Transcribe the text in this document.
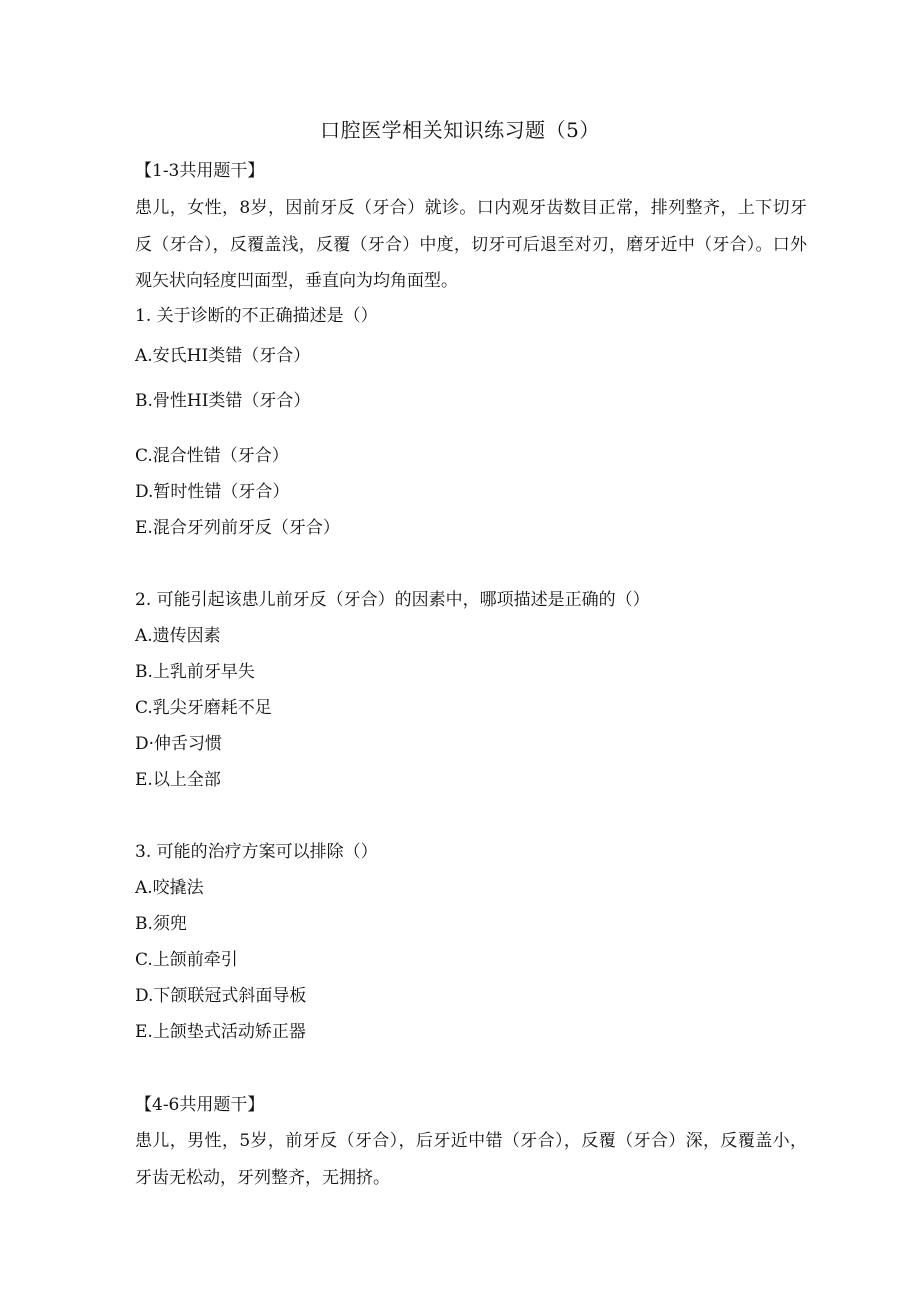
口腔医学相关知识练习题（5）
【1-3共用题干】
患儿，女性，8岁，因前牙反（牙合）就诊。口内观牙齿数目正常，排列整齐，上下切牙反（牙合），反覆盖浅，反覆（牙合）中度，切牙可后退至对刃，磨牙近中（牙合）。口外观矢状向轻度凹面型，垂直向为均角面型。
1. 关于诊断的不正确描述是（）
A.安氏HI类错（牙合）
B.骨性HI类错（牙合）
C.混合性错（牙合）
D.暂时性错（牙合）
E.混合牙列前牙反（牙合）
2. 可能引起该患儿前牙反（牙合）的因素中，哪项描述是正确的（）
A.遗传因素
B.上乳前牙早失
C.乳尖牙磨耗不足
D·伸舌习惯
E.以上全部
3. 可能的治疗方案可以排除（）
A.咬撬法
B.须兜
C.上颌前牵引
D.下颌联冠式斜面导板
E.上颌垫式活动矫正器
【4-6共用题干】
患儿，男性，5岁，前牙反（牙合），后牙近中错（牙合），反覆（牙合）深，反覆盖小，牙齿无松动，牙列整齐，无拥挤。
